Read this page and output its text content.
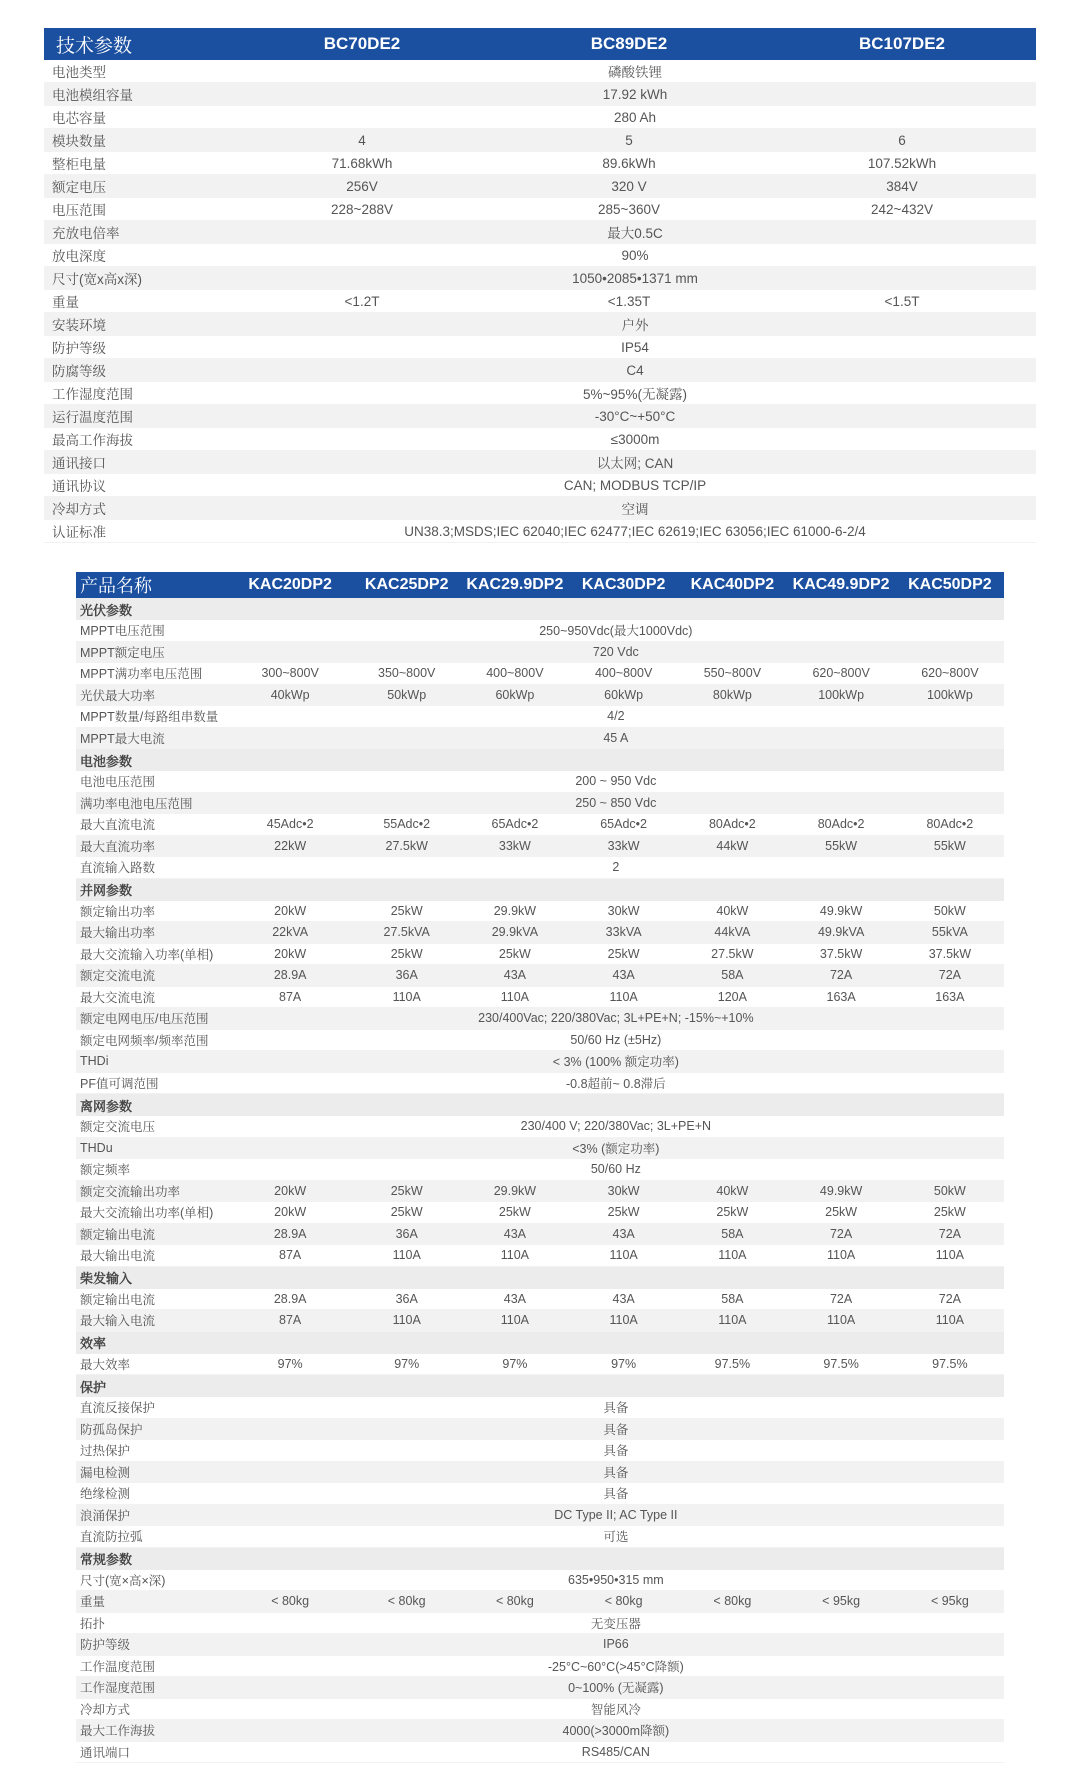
技术参数	BC70DE2	BC89DE2	BC107DE2
电池类型	磷酸铁锂		
电池模组容量	17.92 kWh		
电芯容量	280 Ah		
模块数量	4	5	6
整柜电量	71.68kWh	89.6kWh	107.52kWh
额定电压	256V	320 V	384V
电压范围	228~288V	285~360V	242~432V
充放电倍率	最大0.5C		
放电深度	90%		
尺寸(宽x高x深)	1050•2085•1371 mm		
重量	<1.2T	<1.35T	<1.5T
安装环境	户外		
防护等级	IP54		
防腐等级	C4		
工作湿度范围	5%~95%(无凝露)		
运行温度范围	-30°C~+50°C		
最高工作海拔	≤3000m		
通讯接口	以太网; CAN		
通讯协议	CAN; MODBUS TCP/IP		
冷却方式	空调		
认证标准	UN38.3;MSDS;IEC 62040;IEC 62477;IEC 62619;IEC 63056;IEC 61000-6-2/4		
产品名称	KAC20DP2	KAC25DP2	KAC29.9DP2	KAC30DP2	KAC40DP2	KAC49.9DP2	KAC50DP2
光伏参数							
MPPT电压范围	250~950Vdc(最大1000Vdc)						
MPPT额定电压	720 Vdc						
MPPT满功率电压范围	300~800V	350~800V	400~800V	400~800V	550~800V	620~800V	620~800V
光伏最大功率	40kWp	50kWp	60kWp	60kWp	80kWp	100kWp	100kWp
MPPT数量/每路组串数量	4/2						
MPPT最大电流	45 A						
电池参数							
电池电压范围	200 ~ 950 Vdc						
满功率电池电压范围	250 ~ 850 Vdc						
最大直流电流	45Adc•2	55Adc•2	65Adc•2	65Adc•2	80Adc•2	80Adc•2	80Adc•2
最大直流功率	22kW	27.5kW	33kW	33kW	44kW	55kW	55kW
直流输入路数	2						
并网参数							
额定输出功率	20kW	25kW	29.9kW	30kW	40kW	49.9kW	50kW
最大输出功率	22kVA	27.5kVA	29.9kVA	33kVA	44kVA	49.9kVA	55kVA
最大交流输入功率(单相)	20kW	25kW	25kW	25kW	27.5kW	37.5kW	37.5kW
额定交流电流	28.9A	36A	43A	43A	58A	72A	72A
最大交流电流	87A	110A	110A	110A	120A	163A	163A
额定电网电压/电压范围	230/400Vac; 220/380Vac; 3L+PE+N; -15%~+10%						
额定电网频率/频率范围	50/60 Hz (±5Hz)						
THDi	< 3% (100% 额定功率)						
PF值可调范围	-0.8超前~ 0.8滞后						
离网参数							
额定交流电压	230/400 V; 220/380Vac; 3L+PE+N						
THDu	<3% (额定功率)						
额定频率	50/60 Hz						
额定交流输出功率	20kW	25kW	29.9kW	30kW	40kW	49.9kW	50kW
最大交流输出功率(单相)	20kW	25kW	25kW	25kW	25kW	25kW	25kW
额定输出电流	28.9A	36A	43A	43A	58A	72A	72A
最大输出电流	87A	110A	110A	110A	110A	110A	110A
柴发输入							
额定输出电流	28.9A	36A	43A	43A	58A	72A	72A
最大输入电流	87A	110A	110A	110A	110A	110A	110A
效率							
最大效率	97%	97%	97%	97%	97.5%	97.5%	97.5%
保护							
直流反接保护	具备						
防孤岛保护	具备						
过热保护	具备						
漏电检测	具备						
绝缘检测	具备						
浪涌保护	DC Type II; AC Type II						
直流防拉弧	可选						
常规参数							
尺寸(宽×高×深)	635•950•315 mm						
重量	< 80kg	< 80kg	< 80kg	< 80kg	< 80kg	< 95kg	< 95kg
拓扑	无变压器						
防护等级	IP66						
工作温度范围	-25°C~60°C(>45°C降额)						
工作湿度范围	0~100% (无凝露)						
冷却方式	智能风冷						
最大工作海拔	4000(>3000m降额)						
通讯端口	RS485/CAN						
